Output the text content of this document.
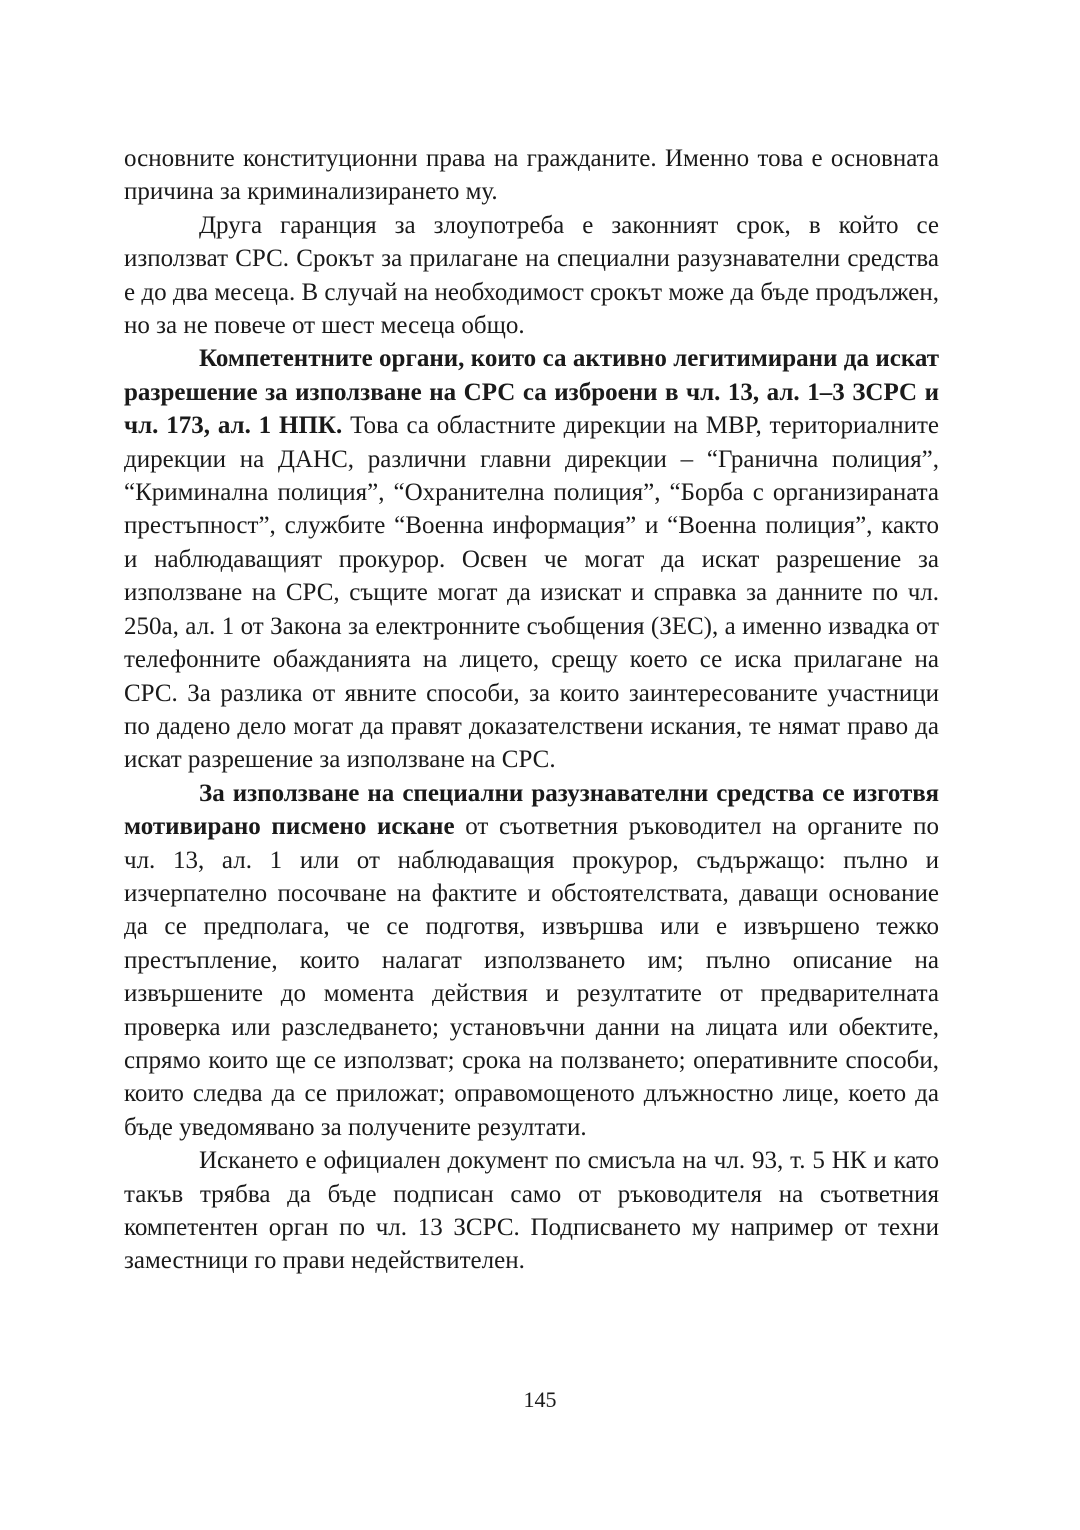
основните конституционни права на гражданите. Именно това е основната причина за криминализирането му.

Друга гаранция за злоупотреба е законният срок, в който се използват СРС. Срокът за прилагане на специални разузнавателни средства е до два месеца. В случай на необходимост срокът може да бъде продължен, но за не повече от шест месеца общо.

Компетентните органи, които са активно легитимирани да искат разрешение за използване на СРС са изброени в чл. 13, ал. 1–3 ЗСРС и чл. 173, ал. 1 НПК. Това са областните дирекции на МВР, териториалните дирекции на ДАНС, различни главни дирекции – “Гранична полиция”, “Криминална полиция”, “Охранителна полиция”, “Борба с организираната престъпност”, службите “Военна информация” и “Военна полиция”, както и наблюдаващият прокурор. Освен че могат да искат разрешение за използване на СРС, същите могат да изискат и справка за данните по чл. 250а, ал. 1 от Закона за електронните съобщения (ЗЕС), а именно извадка от телефонните обажданията на лицето, срещу което се иска прилагане на СРС. За разлика от явните способи, за които заинтересованите участници по дадено дело могат да правят доказателствени искания, те нямат право да искат разрешение за използване на СРС.

За използване на специални разузнавателни средства се изготвя мотивирано писмено искане от съответния ръководител на органите по чл. 13, ал. 1 или от наблюдаващия прокурор, съдържащо: пълно и изчерпателно посочване на фактите и обстоятелствата, даващи основание да се предполага, че се подготвя, извършва или е извършено тежко престъпление, които налагат използването им; пълно описание на извършените до момента действия и резултатите от предварителната проверка или разследването; установъчни данни на лицата или обектите, спрямо които ще се използват; срока на ползването; оперативните способи, които следва да се приложат; оправомощеното длъжностно лице, което да бъде уведомявано за получените резултати.

Искането е официален документ по смисъла на чл. 93, т. 5 НК и като такъв трябва да бъде подписан само от ръководителя на съответния компетентен орган по чл. 13 ЗСРС. Подписването му например от техни заместници го прави недействителен.

145
